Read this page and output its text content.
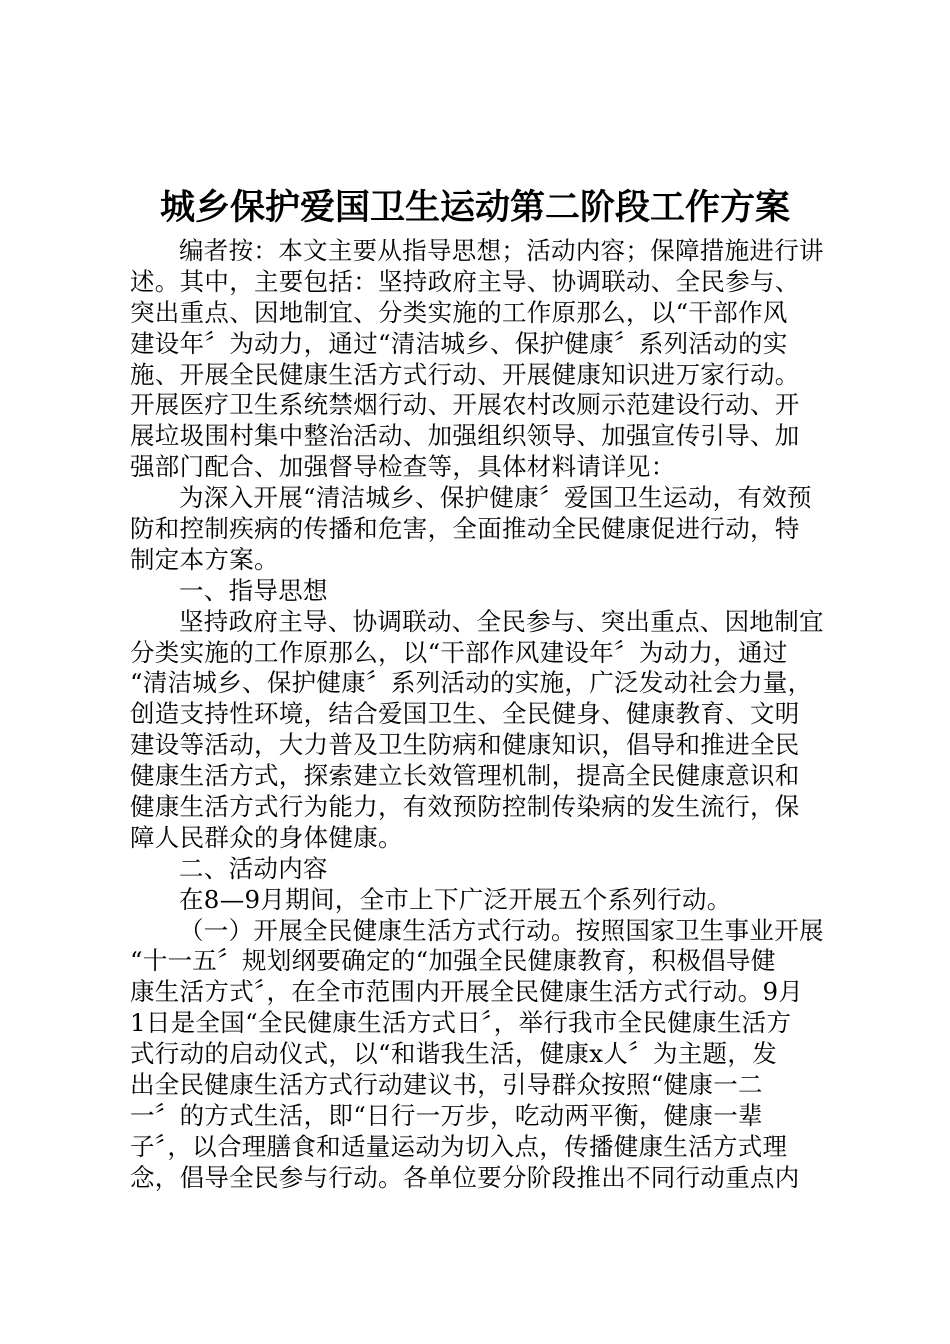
城乡保护爱国卫生运动第二阶段工作方案
编者按：本文主要从指导思想；活动内容；保障措施进行讲
述。其中，主要包括：坚持政府主导、协调联动、全民参与、
突出重点、因地制宜、分类实施的工作原那么，以“干部作风
建设年〞为动力，通过“清洁城乡、保护健康〞系列活动的实
施、开展全民健康生活方式行动、开展健康知识进万家行动。
开展医疗卫生系统禁烟行动、开展农村改厕示范建设行动、开
展垃圾围村集中整治活动、加强组织领导、加强宣传引导、加
强部门配合、加强督导检查等，具体材料请详见：
为深入开展“清洁城乡、保护健康〞爱国卫生运动，有效预
防和控制疾病的传播和危害，全面推动全民健康促进行动，特
制定本方案。
一、指导思想
坚持政府主导、协调联动、全民参与、突出重点、因地制宜
分类实施的工作原那么，以“干部作风建设年〞为动力，通过
“清洁城乡、保护健康〞系列活动的实施，广泛发动社会力量，
创造支持性环境，结合爱国卫生、全民健身、健康教育、文明
建设等活动，大力普及卫生防病和健康知识，倡导和推进全民
健康生活方式，探索建立长效管理机制，提高全民健康意识和
健康生活方式行为能力，有效预防控制传染病的发生流行，保
障人民群众的身体健康。
二、活动内容
在8—9月期间，全市上下广泛开展五个系列行动。
（一）开展全民健康生活方式行动。按照国家卫生事业开展
“十一五〞规划纲要确定的“加强全民健康教育，积极倡导健
康生活方式〞，在全市范围内开展全民健康生活方式行动。9月
1日是全国“全民健康生活方式日〞，举行我市全民健康生活方
式行动的启动仪式，以“和谐我生活，健康x人〞为主题，发
出全民健康生活方式行动建议书，引导群众按照“健康一二
一〞的方式生活，即“日行一万步，吃动两平衡，健康一辈
子〞，以合理膳食和适量运动为切入点，传播健康生活方式理
念，倡导全民参与行动。各单位要分阶段推出不同行动重点内
